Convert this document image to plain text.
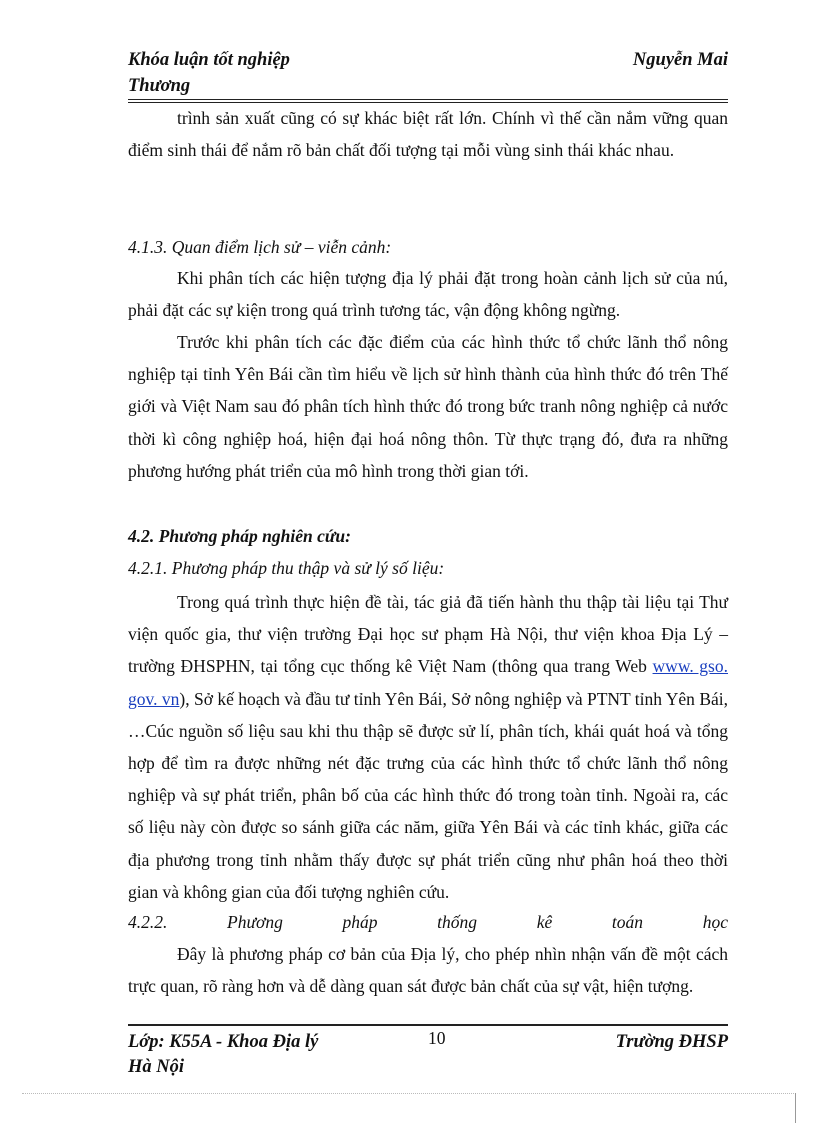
Khóa luận tốt nghiệp	Nguyễn Mai
Thương

trình sản xuất cũng có sự khác biệt rất lớn. Chính vì thế cần nắm vững quan điểm sinh thái để nắm rõ bản chất đối tượng tại mỗi vùng sinh thái khác nhau.

4.1.3. Quan điểm lịch sử – viễn cảnh:

Khi phân tích các hiện tượng địa lý phải đặt trong hoàn cảnh lịch sử của nú, phải đặt các sự kiện trong quá trình tương tác, vận động không ngừng.

Trước khi phân tích các đặc điểm của các hình thức tổ chức lãnh thổ nông nghiệp tại tỉnh Yên Bái cần tìm hiểu về lịch sử hình thành của hình thức đó trên Thế giới và Việt Nam sau đó phân tích hình thức đó trong bức tranh nông nghiệp cả nước thời kì công nghiệp hoá, hiện đại hoá nông thôn. Từ thực trạng đó, đưa ra những phương hướng phát triển của mô hình trong thời gian tới.

4.2. Phương pháp nghiên cứu:
4.2.1. Phương pháp thu thập và sử lý số liệu:

Trong quá trình thực hiện đề tài, tác giả đã tiến hành thu thập tài liệu tại Thư viện quốc gia, thư viện trường Đại học sư phạm Hà Nội, thư viện khoa Địa Lý – trường ĐHSPHN, tại tổng cục thống kê Việt Nam (thông qua trang Web www. gso. gov. vn), Sở kế hoạch và đầu tư tỉnh Yên Bái, Sở nông nghiệp và PTNT tỉnh Yên Bái, …Cúc nguồn số liệu sau khi thu thập sẽ được sử lí, phân tích, khái quát hoá và tổng hợp để tìm ra được những nét đặc trưng của các hình thức tổ chức lãnh thổ nông nghiệp và sự phát triển, phân bố của các hình thức đó trong toàn tỉnh. Ngoài ra, các số liệu này còn được so sánh giữa các năm, giữa Yên Bái và các tỉnh khác, giữa các địa phương trong tỉnh nhằm thấy được sự phát triển cũng như phân hoá theo thời gian và không gian của đối tượng nghiên cứu.

4.2.2.	Phương	pháp	thống	kê	toán	học

Đây là phương pháp cơ bản của Địa lý, cho phép nhìn nhận vấn đề một cách trực quan, rõ ràng hơn và dễ dàng quan sát được bản chất của sự vật, hiện tượng.

Lớp: K55A - Khoa Địa lý	10	Trường ĐHSP
Hà Nội
